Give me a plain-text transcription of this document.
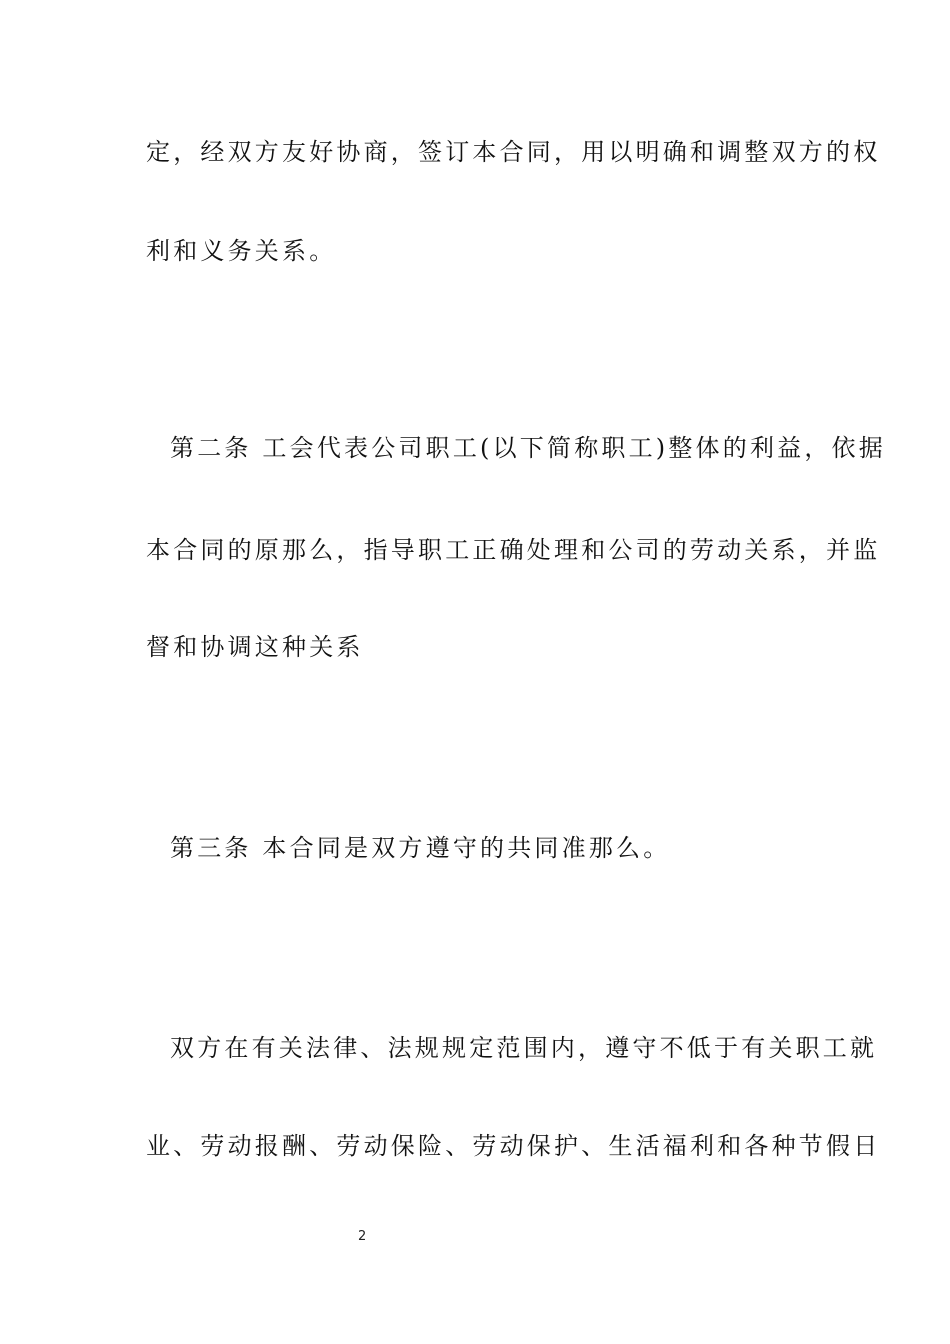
定，经双方友好协商，签订本合同，用以明确和调整双方的权
利和义务关系。
第二条 工会代表公司职工(以下简称职工)整体的利益，依据
本合同的原那么，指导职工正确处理和公司的劳动关系，并监
督和协调这种关系
第三条 本合同是双方遵守的共同准那么。
双方在有关法律、法规规定范围内，遵守不低于有关职工就
业、劳动报酬、劳动保险、劳动保护、生活福利和各种节假日
2
